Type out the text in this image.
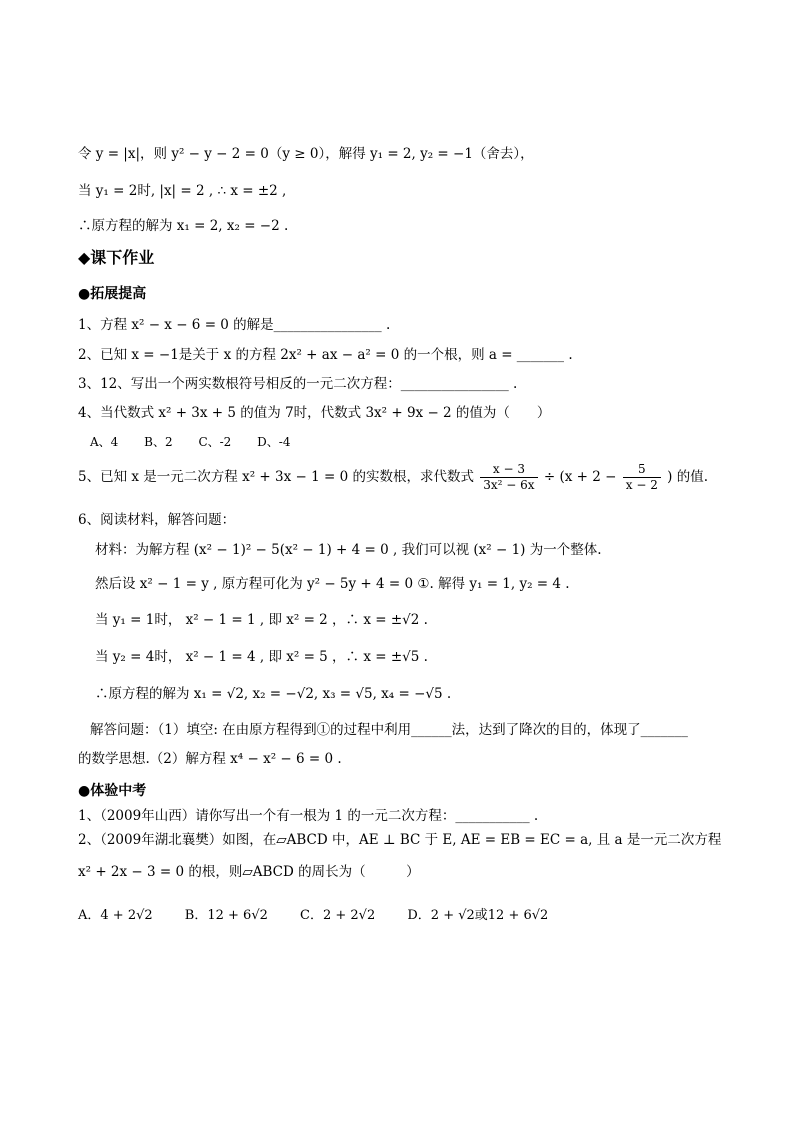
令 y = |x|，则 y² − y − 2 = 0（y ≥ 0），解得 y₁ = 2, y₂ = −1（舍去），
当 y₁ = 2时, |x| = 2 , ∴ x = ±2 ,
∴原方程的解为 x₁ = 2, x₂ = −2 .
◆课下作业
●拓展提高
1、方程 x² − x − 6 = 0 的解是________________ .
2、已知 x = −1是关于 x 的方程 2x² + ax − a² = 0 的一个根，则 a = _______ .
3、12、写出一个两实数根符号相反的一元二次方程：________________ .
4、当代数式 x² + 3x + 5 的值为 7时，代数式 3x² + 9x − 2 的值为（　　）
A、4 B、2 C、-2 D、-4
5、已知 x 是一元二次方程 x² + 3x − 1 = 0 的实数根，求代数式 $\frac{x - 3}{\text{3x² − 6x}} \div (x + 2 - \frac{5}{x - 2}$ ) 的值.
6、阅读材料，解答问题：
材料：为解方程 (x² − 1)² − 5(x² − 1) + 4 = 0 , 我们可以视 (x² − 1) 为一个整体.
然后设 x² − 1 = y , 原方程可化为 y² − 5y + 4 = 0 ①. 解得 y₁ = 1, y₂ = 4 .
当 y₁ = 1时， x² − 1 = 1 , 即 x² = 2 ，∴ x = ±√2 .
当 y₂ = 4时， x² − 1 = 4 , 即 x² = 5 ，∴ x = ±√5 .
∴原方程的解为 x₁ = √2, x₂ = −√2, x₃ = √5, x₄ = −√5 .
解答问题：（1）填空: 在由原方程得到①的过程中利用______法，达到了降次的目的，体现了_______
的数学思想.（2）解方程 x⁴ − x² − 6 = 0 .
●体验中考
1、（2009年山西）请你写出一个有一根为 1 的一元二次方程：___________ .
2、（2009年湖北襄樊）如图，在▱ABCD 中，AE ⊥ BC 于 E, AE = EB = EC = a, 且 a 是一元二次方程
x² + 2x − 3 = 0 的根，则▱ABCD 的周长为（　　　）
A．4 + 2√2 B．12 + 6√2 C．2 + 2√2 D．2 + √2或12 + 6√2
